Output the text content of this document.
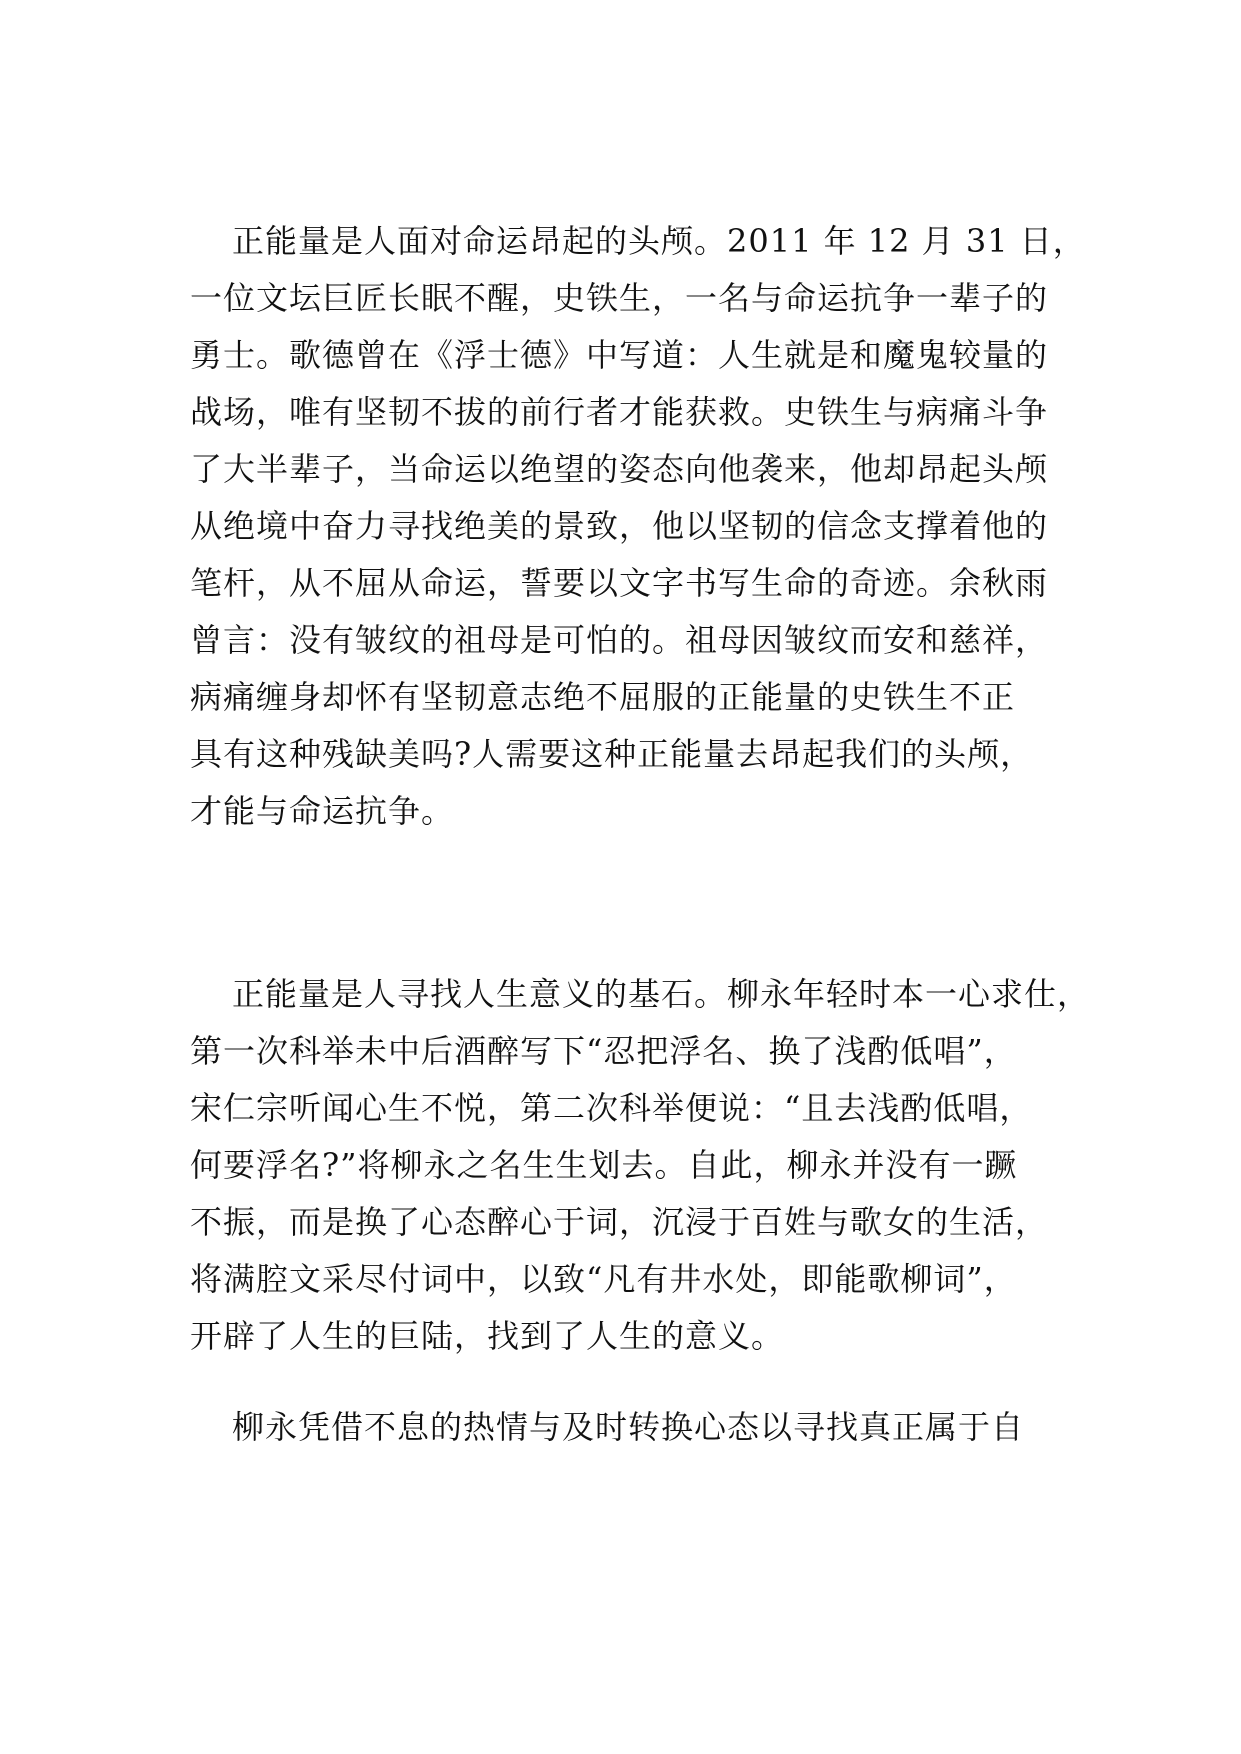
正能量是人面对命运昂起的头颅。2011 年 12 月 31 日，
一位文坛巨匠长眠不醒，史铁生，一名与命运抗争一辈子的
勇士。歌德曾在《浮士德》中写道：人生就是和魔鬼较量的
战场，唯有坚韧不拔的前行者才能获救。史铁生与病痛斗争
了大半辈子，当命运以绝望的姿态向他袭来，他却昂起头颅
从绝境中奋力寻找绝美的景致，他以坚韧的信念支撑着他的
笔杆，从不屈从命运，誓要以文字书写生命的奇迹。余秋雨
曾言：没有皱纹的祖母是可怕的。祖母因皱纹而安和慈祥，
病痛缠身却怀有坚韧意志绝不屈服的正能量的史铁生不正
具有这种残缺美吗?人需要这种正能量去昂起我们的头颅，
才能与命运抗争。
正能量是人寻找人生意义的基石。柳永年轻时本一心求仕，
第一次科举未中后酒醉写下“忍把浮名、换了浅酌低唱”，
宋仁宗听闻心生不悦，第二次科举便说：“且去浅酌低唱，
何要浮名?”将柳永之名生生划去。自此，柳永并没有一蹶
不振，而是换了心态醉心于词，沉浸于百姓与歌女的生活，
将满腔文采尽付词中，以致“凡有井水处，即能歌柳词”，
开辟了人生的巨陆，找到了人生的意义。
柳永凭借不息的热情与及时转换心态以寻找真正属于自
